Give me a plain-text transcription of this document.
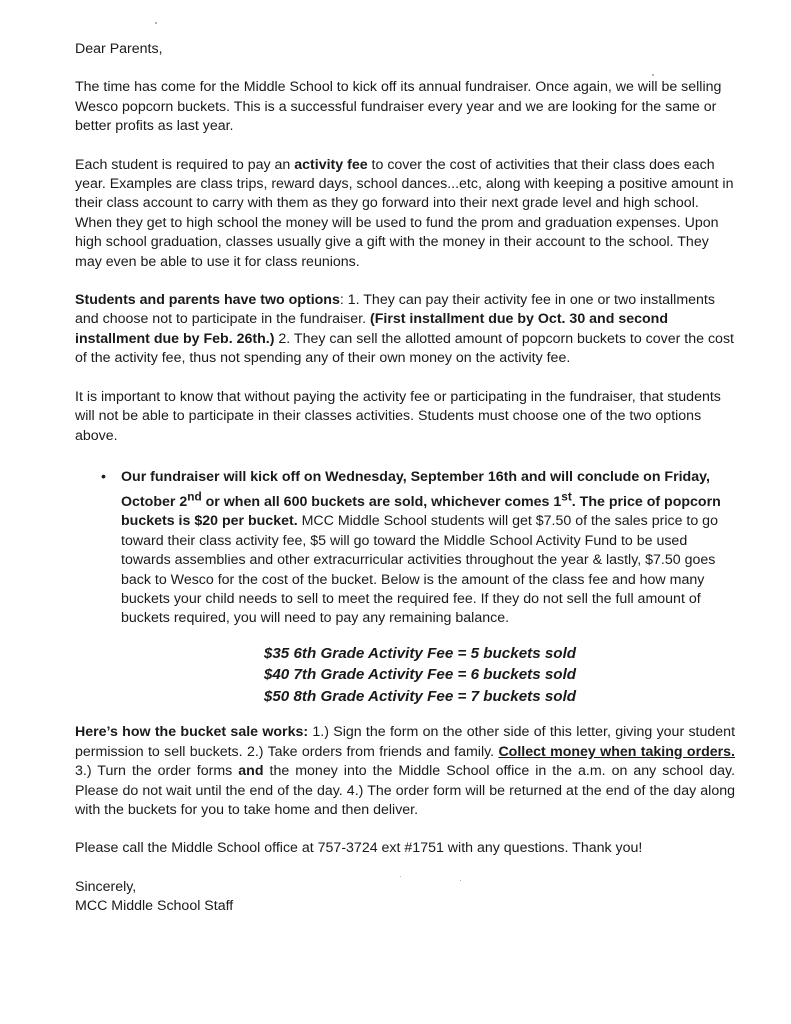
Dear Parents,

The time has come for the Middle School to kick off its annual fundraiser. Once again, we will be selling Wesco popcorn buckets. This is a successful fundraiser every year and we are looking for the same or better profits as last year.

Each student is required to pay an activity fee to cover the cost of activities that their class does each year. Examples are class trips, reward days, school dances...etc, along with keeping a positive amount in their class account to carry with them as they go forward into their next grade level and high school. When they get to high school the money will be used to fund the prom and graduation expenses. Upon high school graduation, classes usually give a gift with the money in their account to the school. They may even be able to use it for class reunions.

Students and parents have two options: 1. They can pay their activity fee in one or two installments and choose not to participate in the fundraiser. (First installment due by Oct. 30 and second installment due by Feb. 26th.) 2. They can sell the allotted amount of popcorn buckets to cover the cost of the activity fee, thus not spending any of their own money on the activity fee.

It is important to know that without paying the activity fee or participating in the fundraiser, that students will not be able to participate in their classes activities. Students must choose one of the two options above.

• Our fundraiser will kick off on Wednesday, September 16th and will conclude on Friday, October 2nd or when all 600 buckets are sold, whichever comes 1st. The price of popcorn buckets is $20 per bucket. MCC Middle School students will get $7.50 of the sales price to go toward their class activity fee, $5 will go toward the Middle School Activity Fund to be used towards assemblies and other extracurricular activities throughout the year & lastly, $7.50 goes back to Wesco for the cost of the bucket. Below is the amount of the class fee and how many buckets your child needs to sell to meet the required fee. If they do not sell the full amount of buckets required, you will need to pay any remaining balance.

$35 6th Grade Activity Fee = 5 buckets sold
$40 7th Grade Activity Fee = 6 buckets sold
$50 8th Grade Activity Fee = 7 buckets sold

Here’s how the bucket sale works: 1.) Sign the form on the other side of this letter, giving your student permission to sell buckets. 2.) Take orders from friends and family. Collect money when taking orders. 3.) Turn the order forms and the money into the Middle School office in the a.m. on any school day. Please do not wait until the end of the day. 4.) The order form will be returned at the end of the day along with the buckets for you to take home and then deliver.

Please call the Middle School office at 757-3724 ext #1751 with any questions. Thank you!

Sincerely,

MCC Middle School Staff
